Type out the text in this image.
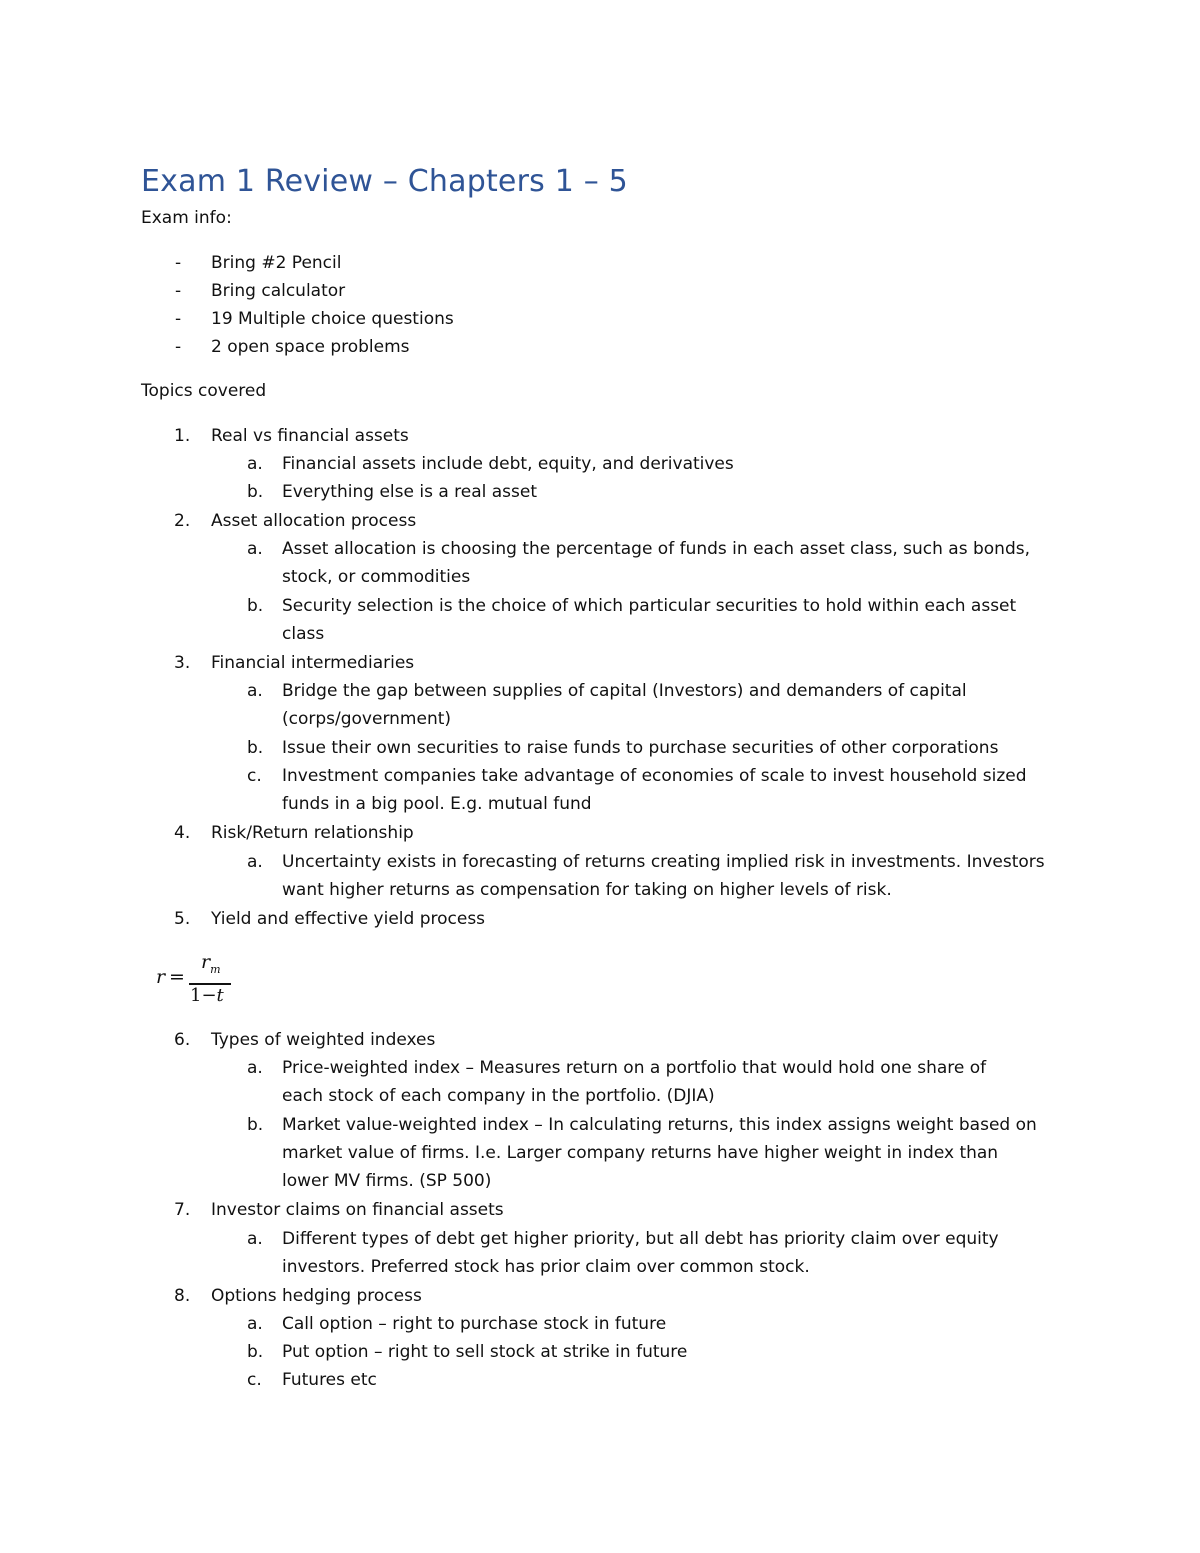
Exam 1 Review – Chapters 1 – 5
Exam info:
- Bring #2 Pencil
- Bring calculator
- 19 Multiple choice questions
- 2 open space problems
Topics covered
1. Real vs financial assets
a. Financial assets include debt, equity, and derivatives
b. Everything else is a real asset
2. Asset allocation process
a. Asset allocation is choosing the percentage of funds in each asset class, such as bonds,
stock, or commodities
b. Security selection is the choice of which particular securities to hold within each asset
class
3. Financial intermediaries
a. Bridge the gap between supplies of capital (Investors) and demanders of capital
(corps/government)
b. Issue their own securities to raise funds to purchase securities of other corporations
c. Investment companies take advantage of economies of scale to invest household sized
funds in a big pool. E.g. mutual fund
4. Risk/Return relationship
a. Uncertainty exists in forecasting of returns creating implied risk in investments. Investors
want higher returns as compensation for taking on higher levels of risk.
5. Yield and effective yield process
r =
$r_m$
1−t
6. Types of weighted indexes
a. Price-weighted index – Measures return on a portfolio that would hold one share of
each stock of each company in the portfolio. (DJIA)
b. Market value-weighted index – In calculating returns, this index assigns weight based on
market value of firms. I.e. Larger company returns have higher weight in index than
lower MV firms. (SP 500)
7. Investor claims on financial assets
a. Different types of debt get higher priority, but all debt has priority claim over equity
investors. Preferred stock has prior claim over common stock.
8. Options hedging process
a. Call option – right to purchase stock in future
b. Put option – right to sell stock at strike in future
c. Futures etc
